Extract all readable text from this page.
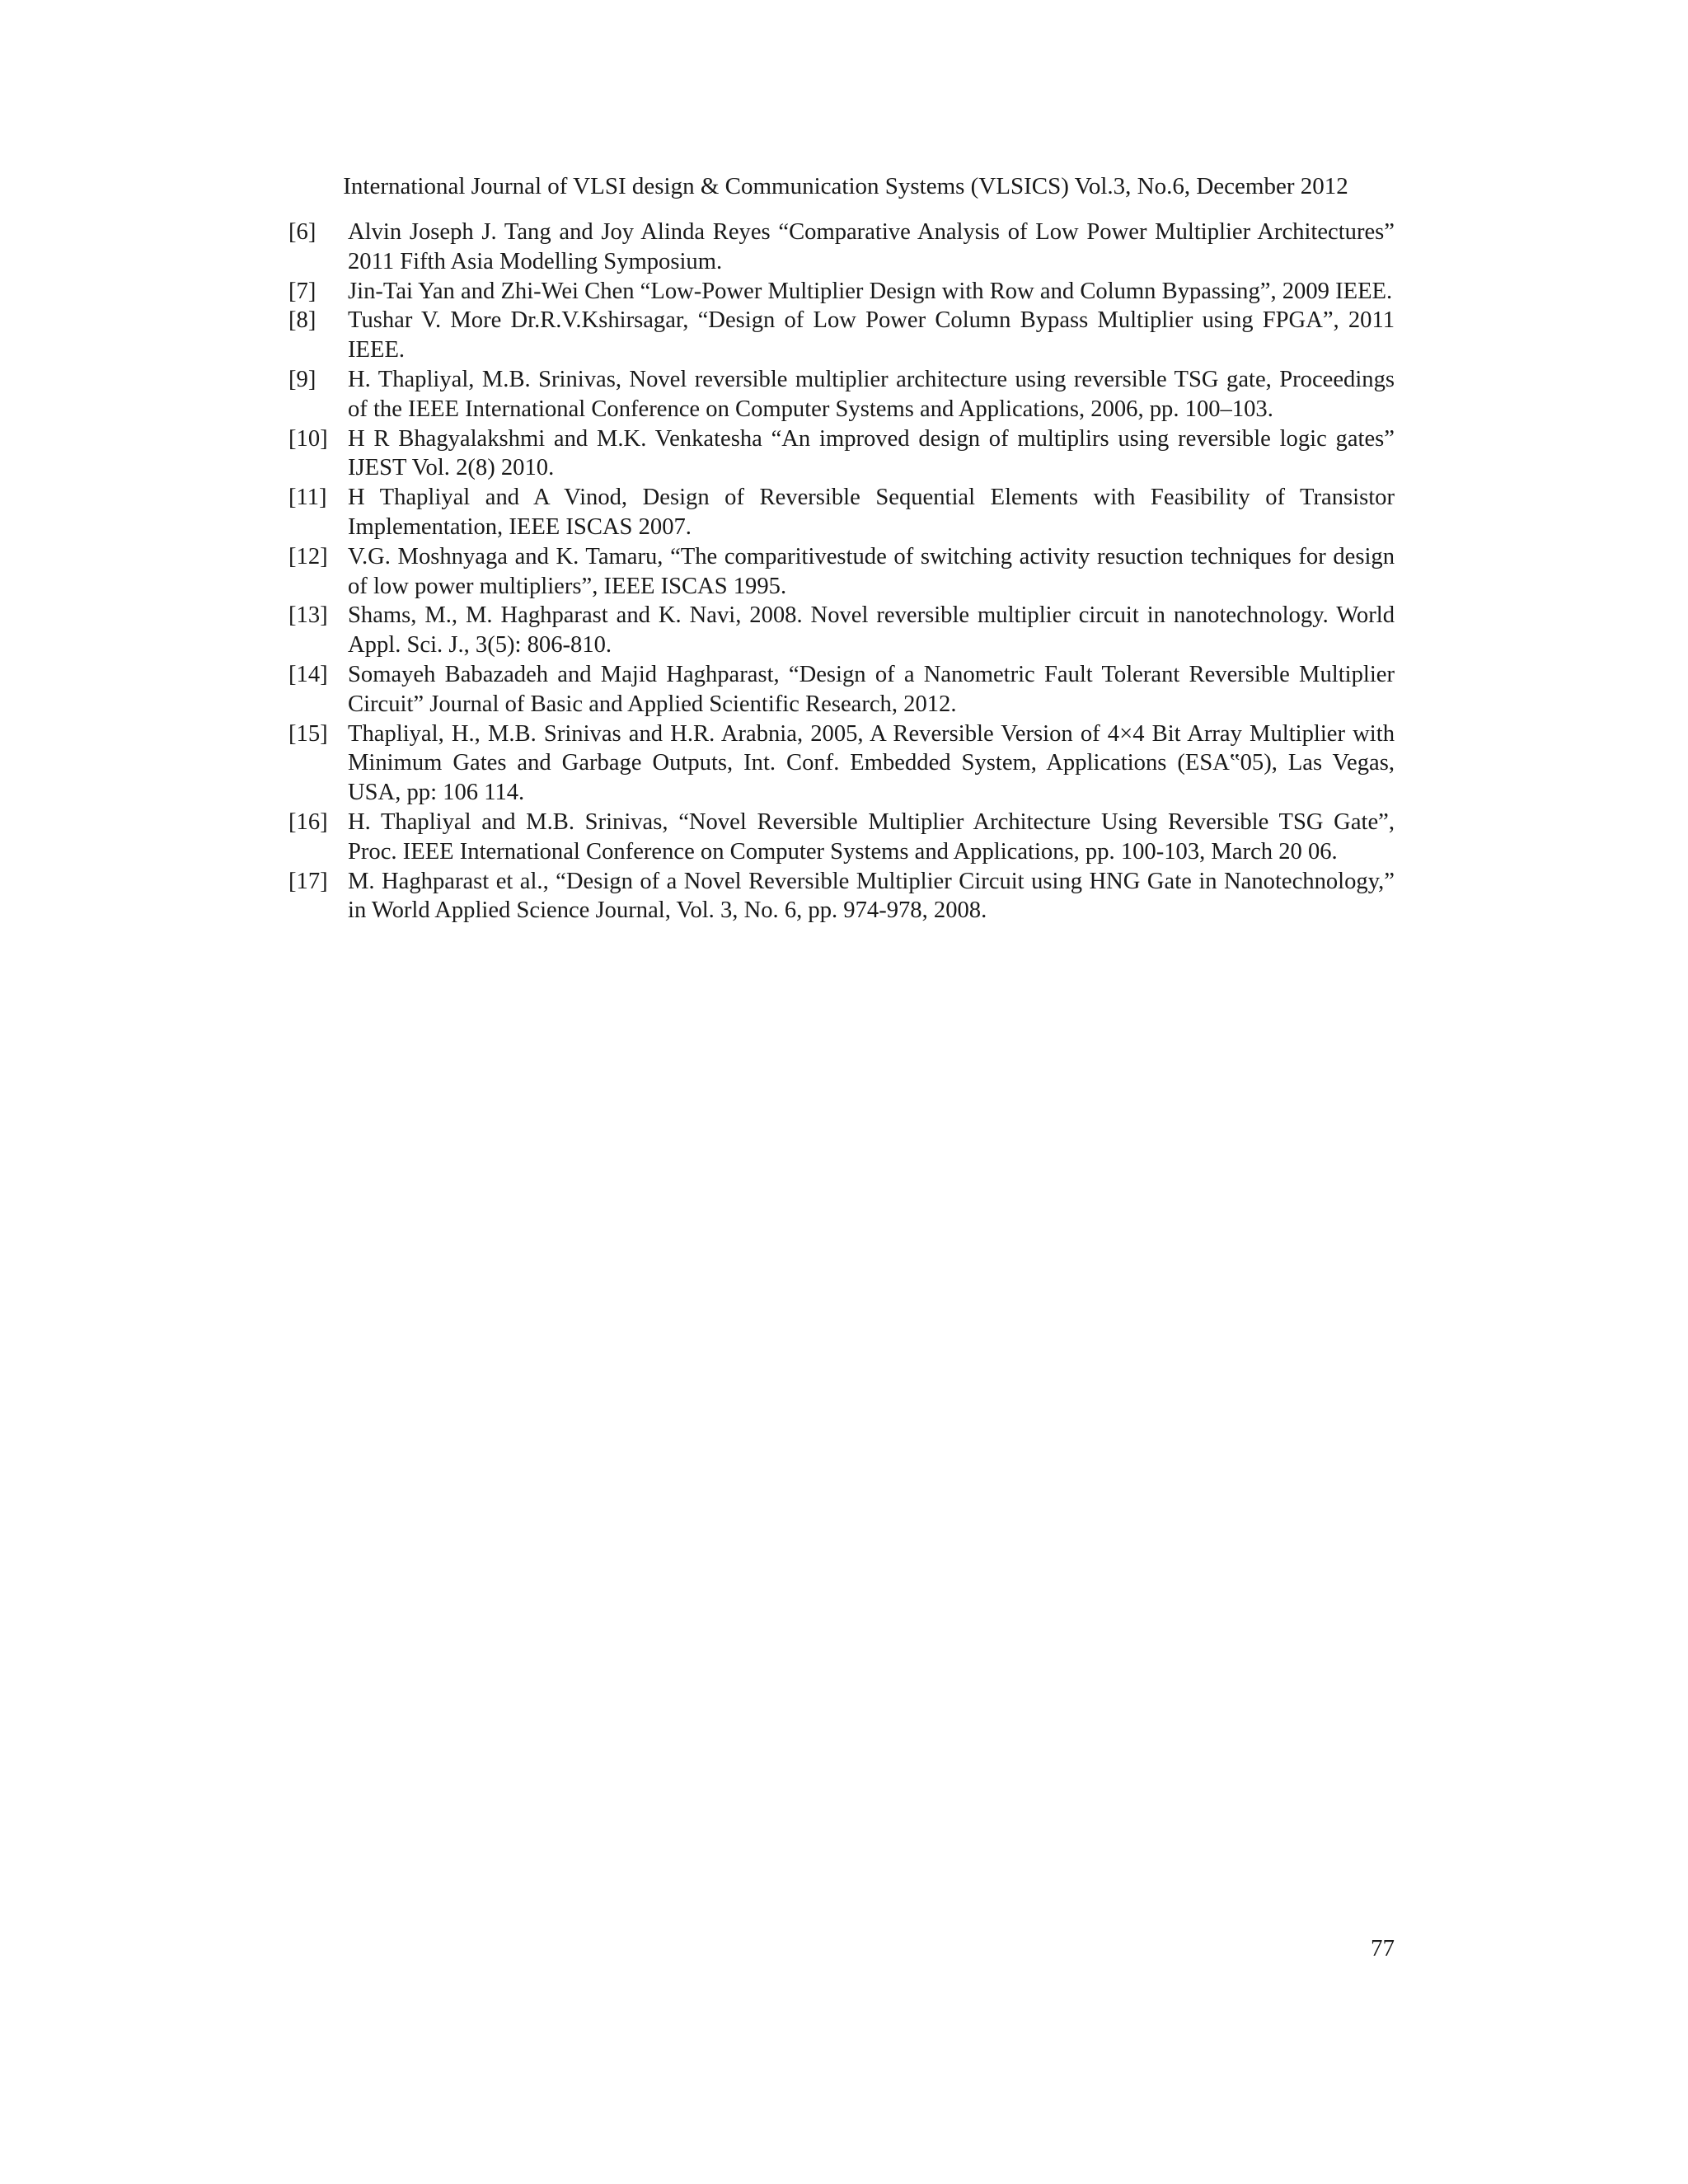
International Journal of VLSI design & Communication Systems (VLSICS) Vol.3, No.6, December 2012
[6]	Alvin Joseph J. Tang and Joy Alinda Reyes “Comparative Analysis of Low Power Multiplier Architectures” 2011 Fifth Asia Modelling Symposium.
[7]	Jin-Tai Yan and Zhi-Wei Chen “Low-Power Multiplier Design with Row and Column Bypassing”, 2009 IEEE.
[8]	Tushar V. More Dr.R.V.Kshirsagar, “Design of Low Power Column Bypass Multiplier using FPGA”, 2011 IEEE.
[9]	H. Thapliyal, M.B. Srinivas, Novel reversible multiplier architecture using reversible TSG gate, Proceedings of the IEEE International Conference on Computer Systems and Applications, 2006, pp. 100–103.
[10] H R Bhagyalakshmi and M.K. Venkatesha “An improved design of multiplirs using reversible logic gates” IJEST Vol. 2(8) 2010.
[11] H Thapliyal and A Vinod, Design of Reversible Sequential Elements with Feasibility of Transistor Implementation, IEEE ISCAS 2007.
[12] V.G. Moshnyaga and K. Tamaru, “The comparitivestude of switching activity resuction techniques for design of low power multipliers”, IEEE ISCAS 1995.
[13] Shams, M., M. Haghparast and K. Navi, 2008. Novel reversible multiplier circuit in nanotechnology. World Appl. Sci. J., 3(5): 806-810.
[14] Somayeh Babazadeh and Majid Haghparast, “Design of a Nanometric Fault Tolerant Reversible Multiplier Circuit” Journal of Basic and Applied Scientific Research, 2012.
[15] Thapliyal, H., M.B. Srinivas and H.R. Arabnia, 2005, A Reversible Version of 4×4 Bit Array Multiplier with Minimum Gates and Garbage Outputs, Int. Conf. Embedded System, Applications (ESA‟05), Las Vegas, USA, pp: 106 114.
[16] H. Thapliyal and M.B. Srinivas, “Novel Reversible Multiplier Architecture Using Reversible TSG Gate”, Proc. IEEE International Conference on Computer Systems and Applications, pp. 100-103, March 20 06.
[17] M. Haghparast et al., “Design of a Novel Reversible Multiplier Circuit using HNG Gate in Nanotechnology,” in World Applied Science Journal, Vol. 3, No. 6, pp. 974-978, 2008.
77
